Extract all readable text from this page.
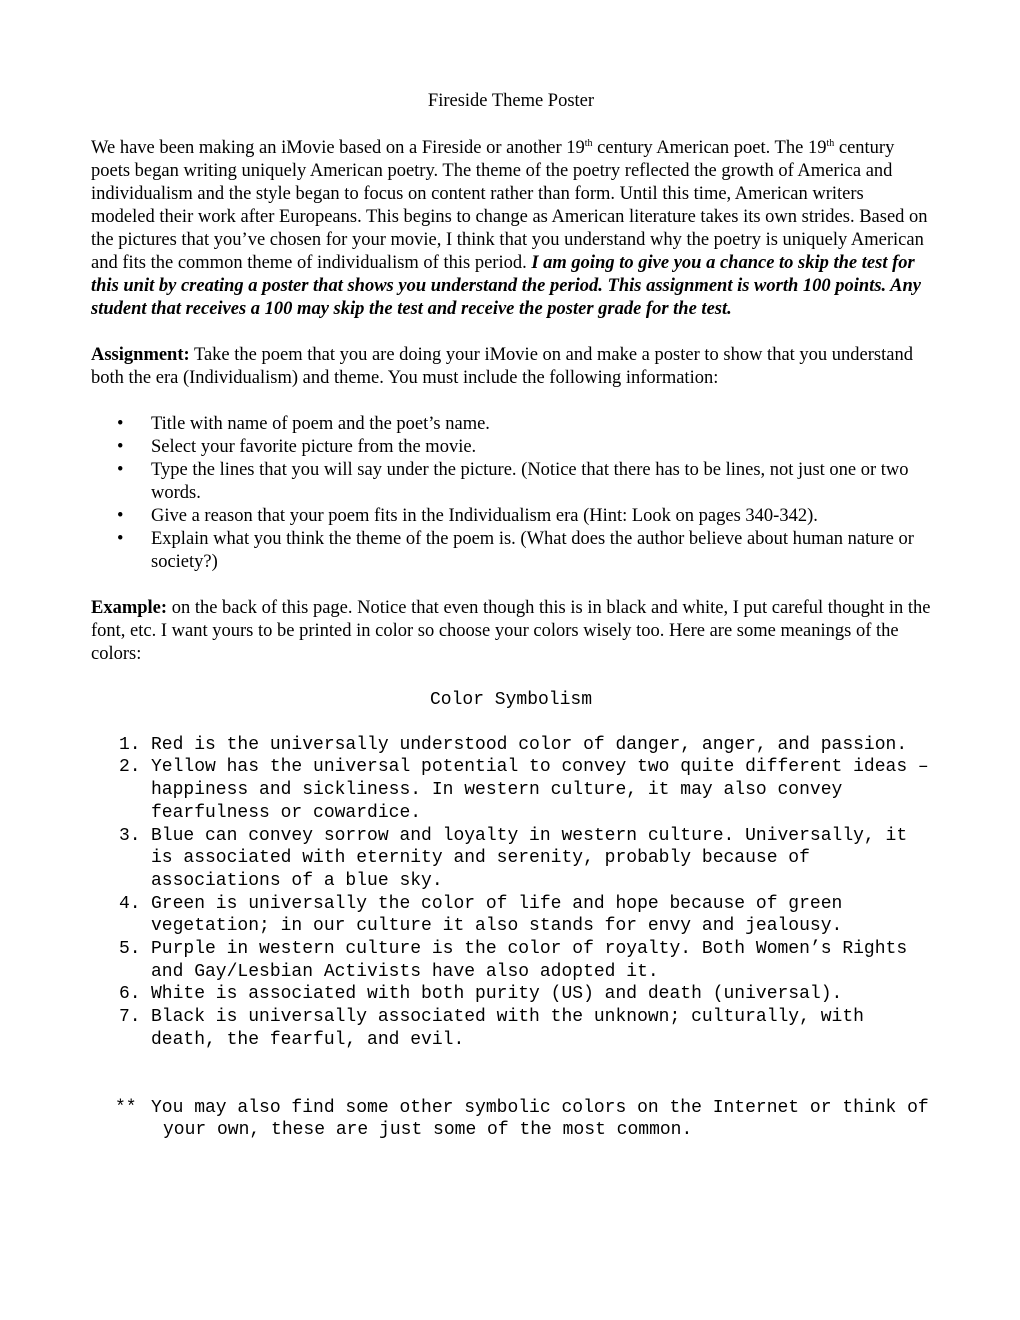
Fireside Theme Poster

We have been making an iMovie based on a Fireside or another 19th century American poet. The 19th century poets began writing uniquely American poetry. The theme of the poetry reflected the growth of America and individualism and the style began to focus on content rather than form. Until this time, American writers modeled their work after Europeans. This begins to change as American literature takes its own strides. Based on the pictures that you’ve chosen for your movie, I think that you understand why the poetry is uniquely American and fits the common theme of individualism of this period. I am going to give you a chance to skip the test for this unit by creating a poster that shows you understand the period. This assignment is worth 100 points. Any student that receives a 100 may skip the test and receive the poster grade for the test.

Assignment: Take the poem that you are doing your iMovie on and make a poster to show that you understand both the era (Individualism) and theme. You must include the following information:

• Title with name of poem and the poet’s name.
• Select your favorite picture from the movie.
• Type the lines that you will say under the picture. (Notice that there has to be lines, not just one or two words.
• Give a reason that your poem fits in the Individualism era (Hint: Look on pages 340-342).
• Explain what you think the theme of the poem is. (What does the author believe about human nature or society?)

Example: on the back of this page. Notice that even though this is in black and white, I put careful thought in the font, etc. I want yours to be printed in color so choose your colors wisely too. Here are some meanings of the colors:

Color Symbolism

1. Red is the universally understood color of danger, anger, and passion.
2. Yellow has the universal potential to convey two quite different ideas – happiness and sickliness. In western culture, it may also convey fearfulness or cowardice.
3. Blue can convey sorrow and loyalty in western culture. Universally, it is associated with eternity and serenity, probably because of associations of a blue sky.
4. Green is universally the color of life and hope because of green vegetation; in our culture it also stands for envy and jealousy.
5. Purple in western culture is the color of royalty. Both Women’s Rights and Gay/Lesbian Activists have also adopted it.
6. White is associated with both purity (US) and death (universal).
7. Black is universally associated with the unknown; culturally, with death, the fearful, and evil.
** You may also find some other symbolic colors on the Internet or think of your own, these are just some of the most common.
